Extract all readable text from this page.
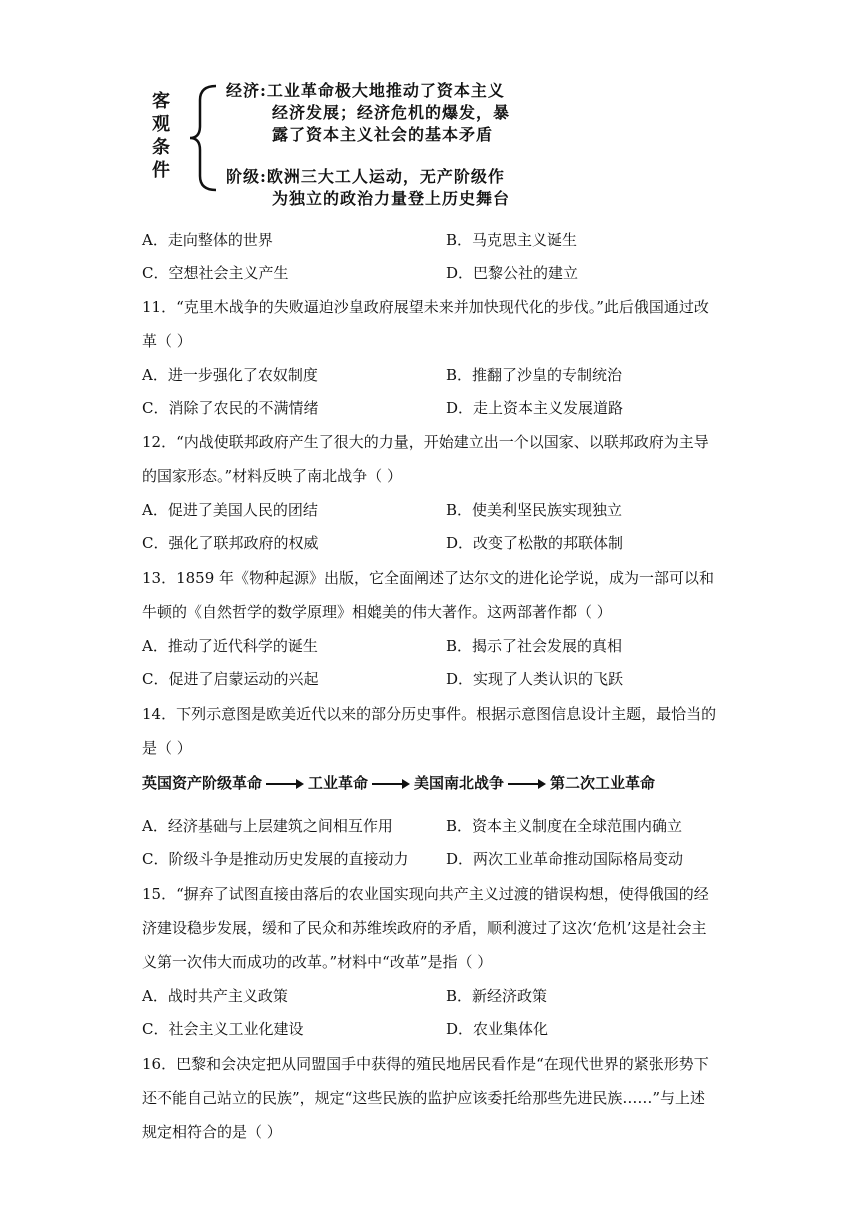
客
观
条
件
经济:工业革命极大地推动了资本主义
经济发展；经济危机的爆发，暴
露了资本主义社会的基本矛盾
阶级:欧洲三大工人运动，无产阶级作
为独立的政治力量登上历史舞台
A．走向整体的世界	B．马克思主义诞生
C．空想社会主义产生	D．巴黎公社的建立
11．“克里木战争的失败逼迫沙皇政府展望未来并加快现代化的步伐。”此后俄国通过改
革（ ）
A．进一步强化了农奴制度	B．推翻了沙皇的专制统治
C．消除了农民的不满情绪	D．走上资本主义发展道路
12．“内战使联邦政府产生了很大的力量，开始建立出一个以国家、以联邦政府为主导
的国家形态。”材料反映了南北战争（ ）
A．促进了美国人民的团结	B．使美利坚民族实现独立
C．强化了联邦政府的权威	D．改变了松散的邦联体制
13．1859 年《物种起源》出版，它全面阐述了达尔文的进化论学说，成为一部可以和
牛顿的《自然哲学的数学原理》相媲美的伟大著作。这两部著作都（ ）
A．推动了近代科学的诞生	B．揭示了社会发展的真相
C．促进了启蒙运动的兴起	D．实现了人类认识的飞跃
14．下列示意图是欧美近代以来的部分历史事件。根据示意图信息设计主题，最恰当的
是（ ）
英国资产阶级革命	工业革命	美国南北战争	第二次工业革命
A．经济基础与上层建筑之间相互作用	B．资本主义制度在全球范围内确立
C．阶级斗争是推动历史发展的直接动力	D．两次工业革命推动国际格局变动
15．“摒弃了试图直接由落后的农业国实现向共产主义过渡的错误构想，使得俄国的经
济建设稳步发展，缓和了民众和苏维埃政府的矛盾，顺利渡过了这次‘危机’这是社会主
义第一次伟大而成功的改革。”材料中“改革”是指（ ）
A．战时共产主义政策	B．新经济政策
C．社会主义工业化建设	D．农业集体化
16．巴黎和会决定把从同盟国手中获得的殖民地居民看作是“在现代世界的紧张形势下
还不能自己站立的民族”，规定“这些民族的监护应该委托给那些先进民族……”与上述
规定相符合的是（ ）
